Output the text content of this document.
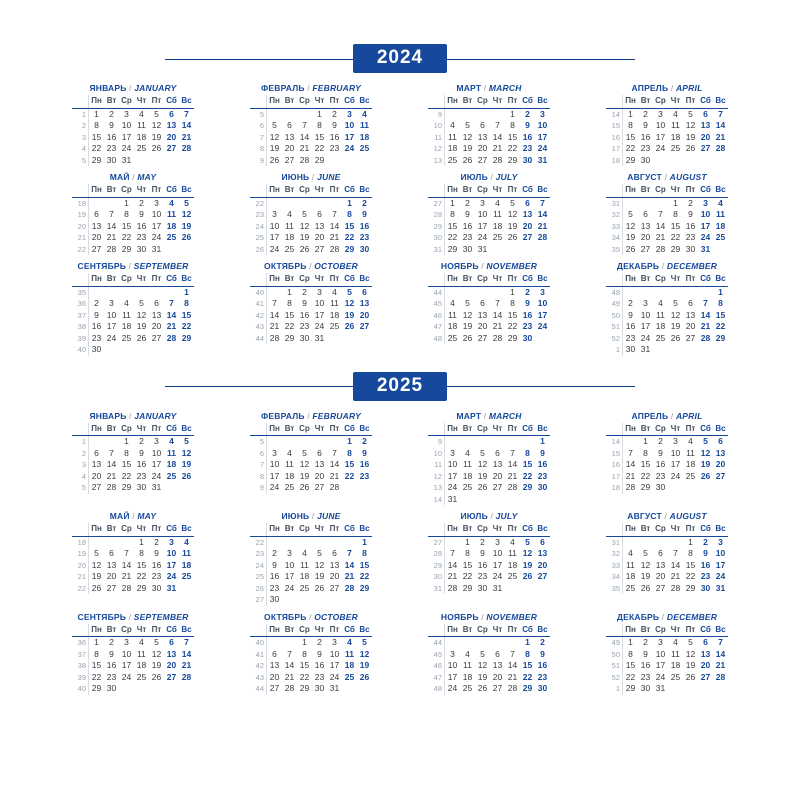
2024
ЯНВАРЬ / JANUARY
	Пн	Вт	Ср	Чт	Пт	Сб	Вс
1	1	2	3	4	5	6	7
2	8	9	10	11	12	13	14
3	15	16	17	18	19	20	21
4	22	23	24	25	26	27	28
5	29	30	31				
ФЕВРАЛЬ / FEBRUARY
	Пн	Вт	Ср	Чт	Пт	Сб	Вс
5				1	2	3	4
6	5	6	7	8	9	10	11
7	12	13	14	15	16	17	18
8	19	20	21	22	23	24	25
9	26	27	28	29			
МАРТ / MARCH
	Пн	Вт	Ср	Чт	Пт	Сб	Вс
9					1	2	3
10	4	5	6	7	8	9	10
11	11	12	13	14	15	16	17
12	18	19	20	21	22	23	24
13	25	26	27	28	29	30	31
АПРЕЛЬ / APRIL
	Пн	Вт	Ср	Чт	Пт	Сб	Вс
14	1	2	3	4	5	6	7
15	8	9	10	11	12	13	14
16	15	16	17	18	19	20	21
17	22	23	24	25	26	27	28
18	29	30					
МАЙ / MAY
	Пн	Вт	Ср	Чт	Пт	Сб	Вс
18			1	2	3	4	5
19	6	7	8	9	10	11	12
20	13	14	15	16	17	18	19
21	20	21	22	23	24	25	26
22	27	28	29	30	31		
ИЮНЬ / JUNE
	Пн	Вт	Ср	Чт	Пт	Сб	Вс
22						1	2
23	3	4	5	6	7	8	9
24	10	11	12	13	14	15	16
25	17	18	19	20	21	22	23
26	24	25	26	27	28	29	30
ИЮЛЬ / JULY
	Пн	Вт	Ср	Чт	Пт	Сб	Вс
27	1	2	3	4	5	6	7
28	8	9	10	11	12	13	14
29	15	16	17	18	19	20	21
30	22	23	24	25	26	27	28
31	29	30	31				
АВГУСТ / AUGUST
	Пн	Вт	Ср	Чт	Пт	Сб	Вс
31				1	2	3	4
32	5	6	7	8	9	10	11
33	12	13	14	15	16	17	18
34	19	20	21	22	23	24	25
35	26	27	28	29	30	31	
СЕНТЯБРЬ / SEPTEMBER
	Пн	Вт	Ср	Чт	Пт	Сб	Вс
35							1
36	2	3	4	5	6	7	8
37	9	10	11	12	13	14	15
38	16	17	18	19	20	21	22
39	23	24	25	26	27	28	29
40	30						
ОКТЯБРЬ / OCTOBER
	Пн	Вт	Ср	Чт	Пт	Сб	Вс
40		1	2	3	4	5	6
41	7	8	9	10	11	12	13
42	14	15	16	17	18	19	20
43	21	22	23	24	25	26	27
44	28	29	30	31			
НОЯБРЬ / NOVEMBER
	Пн	Вт	Ср	Чт	Пт	Сб	Вс
44					1	2	3
45	4	5	6	7	8	9	10
46	11	12	13	14	15	16	17
47	18	19	20	21	22	23	24
48	25	26	27	28	29	30	
ДЕКАБРЬ / DECEMBER
	Пн	Вт	Ср	Чт	Пт	Сб	Вс
48							1
49	2	3	4	5	6	7	8
50	9	10	11	12	13	14	15
51	16	17	18	19	20	21	22
52	23	24	25	26	27	28	29
1	30	31					
2025
ЯНВАРЬ / JANUARY
	Пн	Вт	Ср	Чт	Пт	Сб	Вс
1			1	2	3	4	5
2	6	7	8	9	10	11	12
3	13	14	15	16	17	18	19
4	20	21	22	23	24	25	26
5	27	28	29	30	31		
ФЕВРАЛЬ / FEBRUARY
	Пн	Вт	Ср	Чт	Пт	Сб	Вс
5						1	2
6	3	4	5	6	7	8	9
7	10	11	12	13	14	15	16
8	17	18	19	20	21	22	23
9	24	25	26	27	28		
МАРТ / MARCH
	Пн	Вт	Ср	Чт	Пт	Сб	Вс
9							1
10	3	4	5	6	7	8	9
11	10	11	12	13	14	15	16
12	17	18	19	20	21	22	23
13	24	25	26	27	28	29	30
14	31						
АПРЕЛЬ / APRIL
	Пн	Вт	Ср	Чт	Пт	Сб	Вс
14		1	2	3	4	5	6
15	7	8	9	10	11	12	13
16	14	15	16	17	18	19	20
17	21	22	23	24	25	26	27
18	28	29	30				
МАЙ / MAY
	Пн	Вт	Ср	Чт	Пт	Сб	Вс
18				1	2	3	4
19	5	6	7	8	9	10	11
20	12	13	14	15	16	17	18
21	19	20	21	22	23	24	25
22	26	27	28	29	30	31	
ИЮНЬ / JUNE
	Пн	Вт	Ср	Чт	Пт	Сб	Вс
22							1
23	2	3	4	5	6	7	8
24	9	10	11	12	13	14	15
25	16	17	18	19	20	21	22
26	23	24	25	26	27	28	29
27	30						
ИЮЛЬ / JULY
	Пн	Вт	Ср	Чт	Пт	Сб	Вс
27		1	2	3	4	5	6
28	7	8	9	10	11	12	13
29	14	15	16	17	18	19	20
30	21	22	23	24	25	26	27
31	28	29	30	31			
АВГУСТ / AUGUST
	Пн	Вт	Ср	Чт	Пт	Сб	Вс
31					1	2	3
32	4	5	6	7	8	9	10
33	11	12	13	14	15	16	17
34	18	19	20	21	22	23	24
35	25	26	27	28	29	30	31
СЕНТЯБРЬ / SEPTEMBER
	Пн	Вт	Ср	Чт	Пт	Сб	Вс
36	1	2	3	4	5	6	7
37	8	9	10	11	12	13	14
38	15	16	17	18	19	20	21
39	22	23	24	25	26	27	28
40	29	30					
ОКТЯБРЬ / OCTOBER
	Пн	Вт	Ср	Чт	Пт	Сб	Вс
40			1	2	3	4	5
41	6	7	8	9	10	11	12
42	13	14	15	16	17	18	19
43	20	21	22	23	24	25	26
44	27	28	29	30	31		
НОЯБРЬ / NOVEMBER
	Пн	Вт	Ср	Чт	Пт	Сб	Вс
44						1	2
45	3	4	5	6	7	8	9
46	10	11	12	13	14	15	16
47	17	18	19	20	21	22	23
48	24	25	26	27	28	29	30
ДЕКАБРЬ / DECEMBER
	Пн	Вт	Ср	Чт	Пт	Сб	Вс
49	1	2	3	4	5	6	7
50	8	9	10	11	12	13	14
51	15	16	17	18	19	20	21
52	22	23	24	25	26	27	28
1	29	30	31				
